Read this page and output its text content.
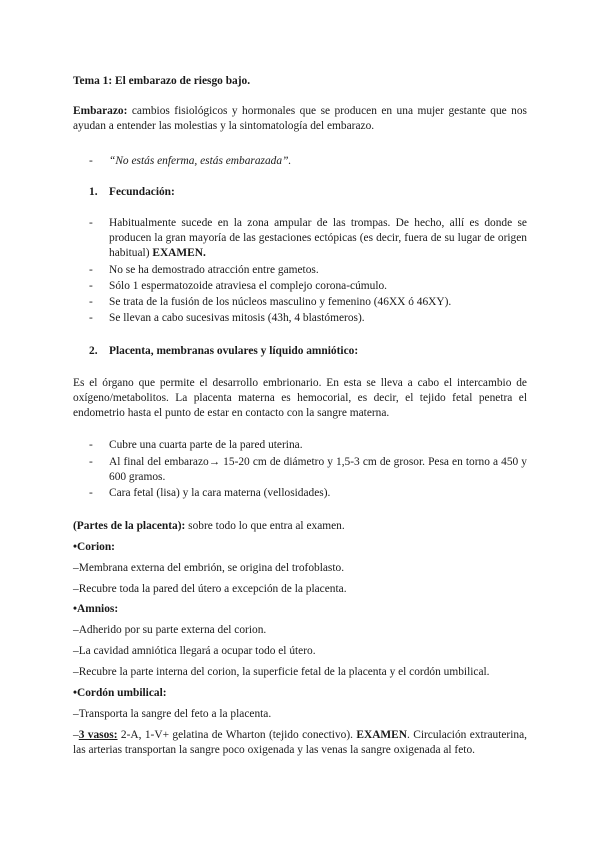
Tema 1: El embarazo de riesgo bajo.

Embarazo: cambios fisiológicos y hormonales que se producen en una mujer gestante que nos ayudan a entender las molestias y la sintomatología del embarazo.

- “No estás enferma, estás embarazada”.
1. Fecundación:
- Habitualmente sucede en la zona ampular de las trompas. De hecho, allí es donde se producen la gran mayoría de las gestaciones ectópicas (es decir, fuera de su lugar de origen habitual) EXAMEN.

- No se ha demostrado atracción entre gametos.

- Sólo 1 espermatozoide atraviesa el complejo corona-cúmulo.

- Se trata de la fusión de los núcleos masculino y femenino (46XX ó 46XY).

- Se llevan a cabo sucesivas mitosis (43h, 4 blastómeros).

2. Placenta, membranas ovulares y líquido amniótico:

Es el órgano que permite el desarrollo embrionario. En esta se lleva a cabo el intercambio de oxígeno/metabolitos. La placenta materna es hemocorial, es decir, el tejido fetal penetra el endometrio hasta el punto de estar en contacto con la sangre materna.

- Cubre una cuarta parte de la pared uterina.

- Al final del embarazo→ 15-20 cm de diámetro y 1,5-3 cm de grosor. Pesa en torno a 450 y 600 gramos.

- Cara fetal (lisa) y la cara materna (vellosidades).

(Partes de la placenta): sobre todo lo que entra al examen.

•Corion:

–Membrana externa del embrión, se origina del trofoblasto.

–Recubre toda la pared del útero a excepción de la placenta.

•Amnios:

–Adherido por su parte externa del corion.

–La cavidad amniótica llegará a ocupar todo el útero.

–Recubre la parte interna del corion, la superficie fetal de la placenta y el cordón umbilical.

•Cordón umbilical:

–Transporta la sangre del feto a la placenta.

–3 vasos: 2-A, 1-V+ gelatina de Wharton (tejido conectivo). EXAMEN. Circulación extrauterina, las arterias transportan la sangre poco oxigenada y las venas la sangre oxigenada al feto.
